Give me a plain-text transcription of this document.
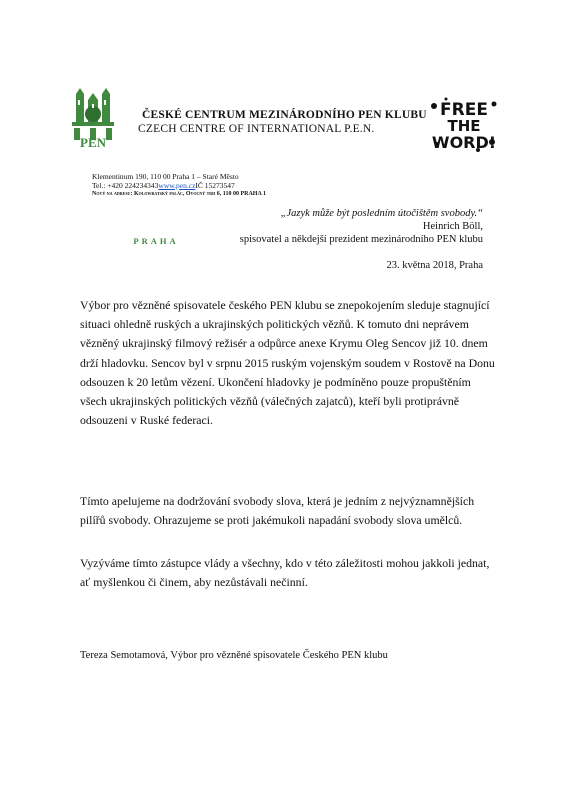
PEN
PRAHA
ČESKÉ CENTRUM MEZINÁRODNÍHO PEN KLUBU
CZECH CENTRE OF INTERNATIONAL P.E.N.
FREE
THE
WORD!
Klementinum 190, 110 00 Praha 1 – Staré Město
Tel.: +420 224234343www.pen.czIČ 15273547
Nový na adresu: Kolowratský palác, Ovocný trh 6, 110 00 PRAHA 1
„Jazyk může být posledním útočištěm svobody.“
Heinrich Böll,
spisovatel a někdejší prezident mezinárodního PEN klubu
23. května 2018, Praha
Výbor pro vězněné spisovatele českého PEN klubu se znepokojením sleduje stagnující situaci ohledně ruských a ukrajinských politických vězňů. K tomuto dni neprávem vězněný ukrajinský filmový režisér a odpůrce anexe Krymu Oleg Sencov již 10. dnem drží hladovku. Sencov byl v srpnu 2015 ruským vojenským soudem v Rostově na Donu odsouzen k 20 letům vězení. Ukončení hladovky je podmíněno pouze propuštěním všech ukrajinských politických vězňů (válečných zajatců), kteří byli protiprávně odsouzeni v Ruské federaci.
Tímto apelujeme na dodržování svobody slova, která je jedním z nejvýznamnějších pilířů svobody. Ohrazujeme se proti jakémukoli napadání svobody slova umělců.
Vyzýváme tímto zástupce vlády a všechny, kdo v této záležitosti mohou jakkoli jednat, ať myšlenkou či činem, aby nezůstávali nečinní.
Tereza Semotamová, Výbor pro vězněné spisovatele Českého PEN klubu
